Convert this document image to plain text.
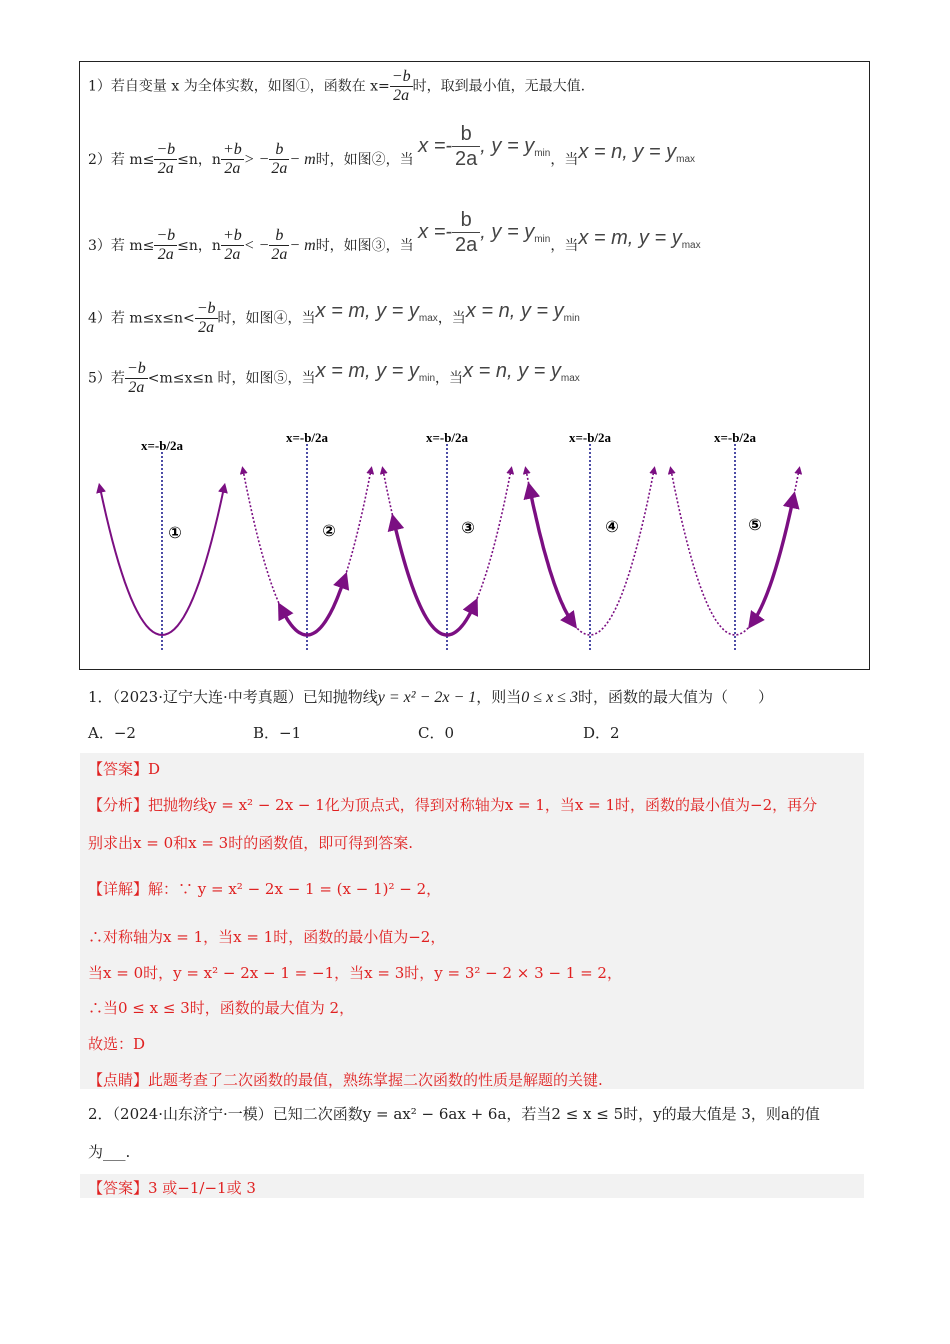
1）若自变量 x 为全体实数，如图①，函数在 $x= \frac{-b}{2a}$ 时，取到最小值，无最大值.
2）若 $m\le \frac{-b}{2a} \le n$，n $\frac{+b}{2a}$ > − $\frac{b}{2a} - m$时，如图②，当 $x =- \frac{b}{2a}$ , $y = y_{min}$，当x = n, $y = y_{max}$
3）若 $m\le \frac{-b}{2a} \le n$，n $\frac{+b}{2a}$ < − $\frac{b}{2a} - m$时，如图③，当 $x =- \frac{b}{2a}$ , $y = y_{min}$，当x = m, $y = y_{max}$
4）若 $m\le x\le n< \frac{-b}{2a}$ 时，如图④，当x = m, $y = y_{max}$，当x = n, $y = y_{min}$
5）若 $\frac{-b}{2a} <m\le x\le n$ 时，如图⑤，当x = m, $y = y_{min}$，当x = n, $y = y_{max}$
x=-b/2a
①
x=-b/2a
②
x=-b/2a
③
x=-b/2a
④
x=-b/2a
⑤
1．（2023·辽宁大连·中考真题）已知抛物线y = x² − 2x − 1，则当0 ≤ x ≤ 3时，函数的最大值为（　　）
A．−2	B．−1	C．0	D．2
【答案】D
【分析】把抛物线y = x² − 2x − 1化为顶点式，得到对称轴为x = 1，当x = 1时，函数的最小值为−2，再分
别求出x = 0和x = 3时的函数值，即可得到答案.
【详解】解：∵ y = x² − 2x − 1 = (x − 1)² − 2，
∴对称轴为x = 1，当x = 1时，函数的最小值为−2，
当x = 0时，y = x² − 2x − 1 = −1，当x = 3时，y = 3² − 2 × 3 − 1 = 2，
∴当0 ≤ x ≤ 3时，函数的最大值为 2，
故选：D
【点睛】此题考查了二次函数的最值，熟练掌握二次函数的性质是解题的关键.
2．（2024·山东济宁·一模）已知二次函数y = ax² − 6ax + 6a，若当2 ≤ x ≤ 5时，y的最大值是 3，则a的值
为___.
【答案】3 或−1/−1或 3
